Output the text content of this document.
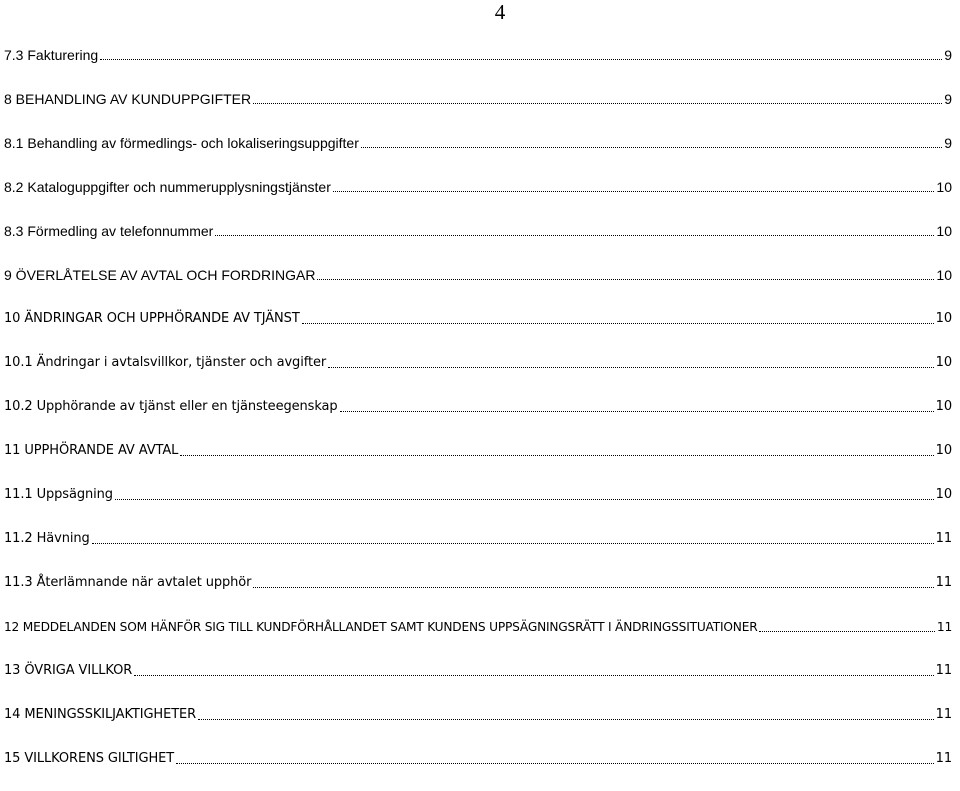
4
7.3 Fakturering	9
8 BEHANDLING AV KUNDUPPGIFTER	9
8.1 Behandling av förmedlings- och lokaliseringsuppgifter	9
8.2 Kataloguppgifter och nummerupplysningstjänster	10
8.3 Förmedling av telefonnummer	10
9 ÖVERLÅTELSE AV AVTAL OCH FORDRINGAR	10
10 ÄNDRINGAR OCH UPPHÖRANDE AV TJÄNST	10
10.1 Ändringar i avtalsvillkor, tjänster och avgifter	10
10.2 Upphörande av tjänst eller en tjänsteegenskap	10
11 UPPHÖRANDE AV AVTAL	10
11.1 Uppsägning	10
11.2 Hävning	11
11.3 Återlämnande när avtalet upphör	11
12 MEDDELANDEN SOM HÄNFÖR SIG TILL KUNDFÖRHÅLLANDET SAMT KUNDENS UPPSÄGNINGSRÄTT I ÄNDRINGSSITUATIONER	11
13 ÖVRIGA VILLKOR	11
14 MENINGSSKILJAKTIGHETER	11
15 VILLKORENS GILTIGHET	11
